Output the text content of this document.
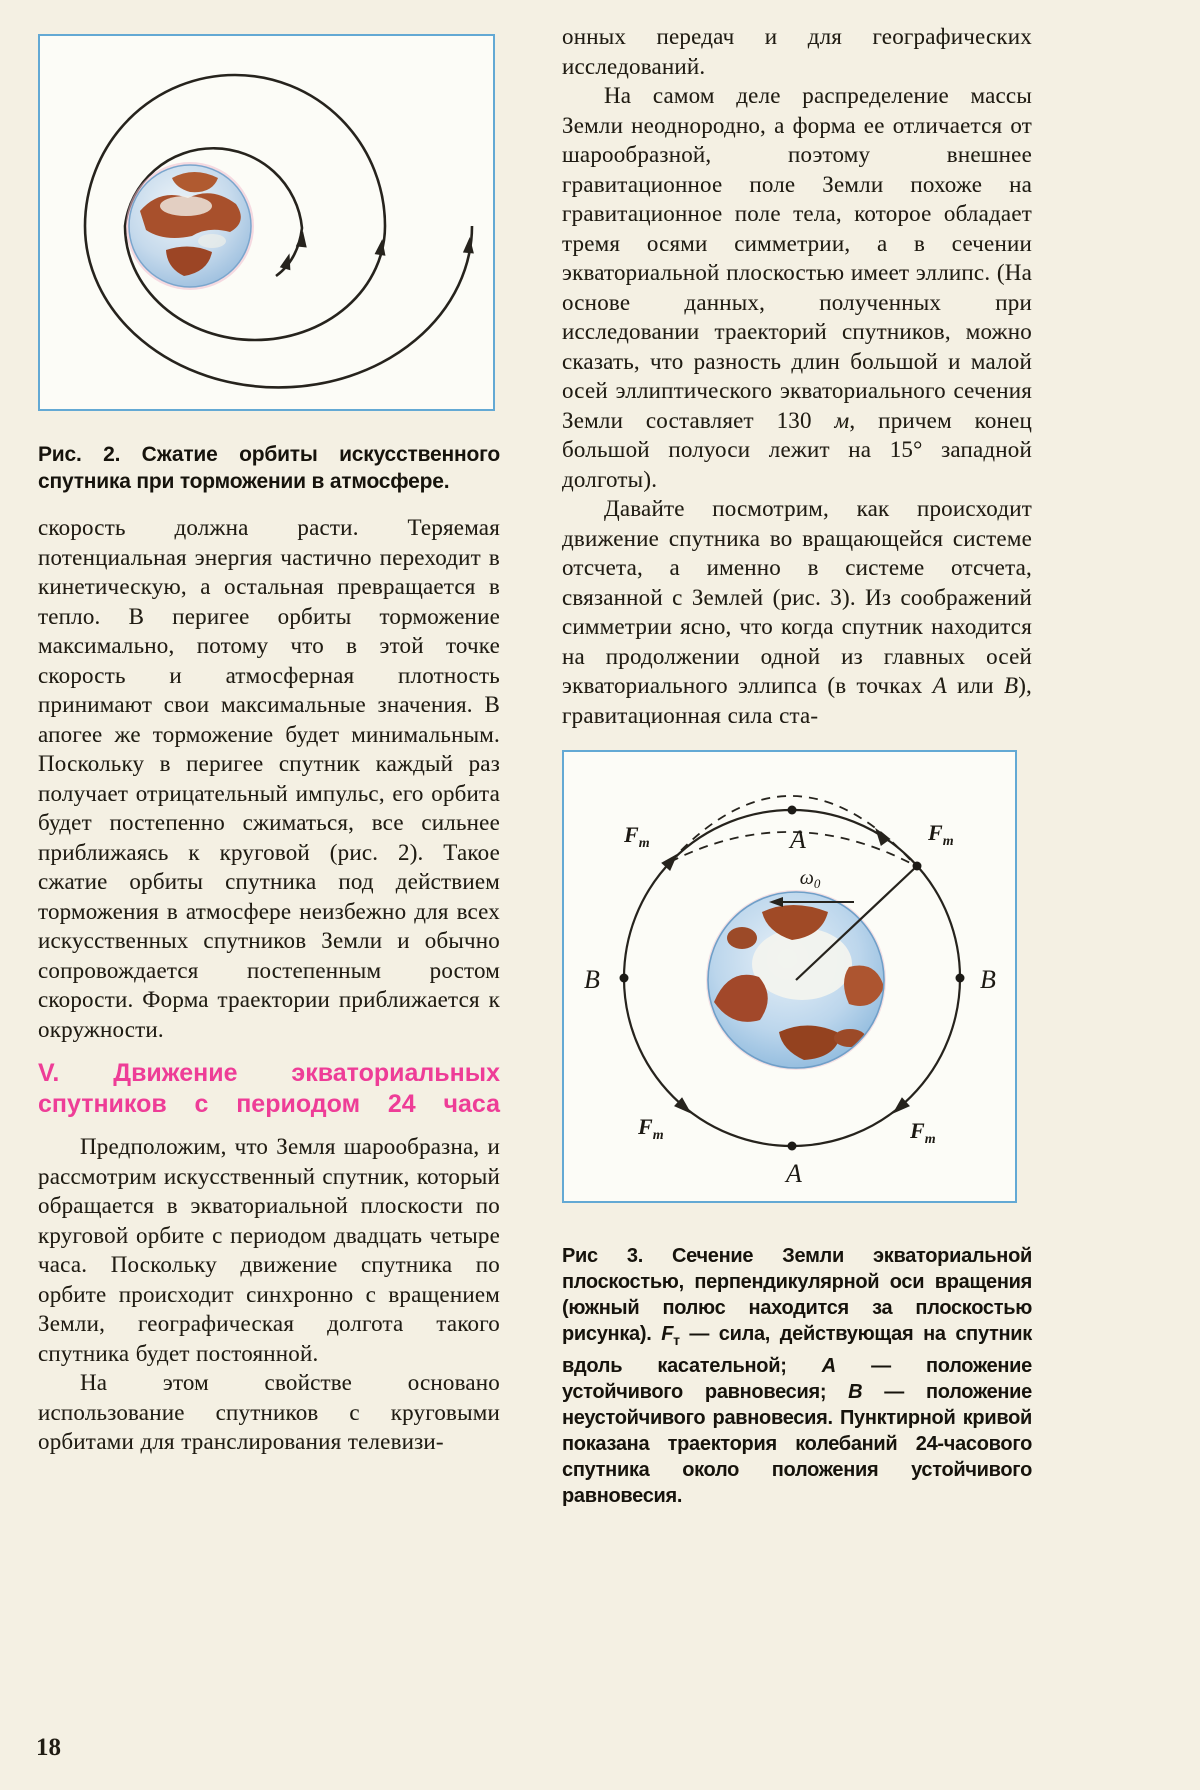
Рис. 2. Сжатие орбиты искусственного спутника при торможении в атмосфере.

скорость должна расти. Теряемая потенциальная энергия частично переходит в кинетическую, а остальная превращается в тепло. В перигее орбиты торможение максимально, потому что в этой точке скорость и атмосферная плотность принимают свои максимальные значения. В апогее же торможение будет минимальным. Поскольку в перигее спутник каждый раз получает отрицательный импульс, его орбита будет постепенно сжиматься, все сильнее приближаясь к круговой (рис. 2). Такое сжатие орбиты спутника под действием торможения в атмосфере неизбежно для всех искусственных спутников Земли и обычно сопровождается постепенным ростом скорости. Форма траектории приближается к окружности.

V. Движение экваториальных спутников с периодом 24 часа

Предположим, что Земля шарообразна, и рассмотрим искусственный спутник, который обращается в экваториальной плоскости по круговой орбите с периодом двадцать четыре часа. Поскольку движение спутника по орбите происходит синхронно с вращением Земли, географическая долгота такого спутника будет постоянной.

На этом свойстве основано использование спутников с круговыми орбитами для транслирования телевизи-

онных передач и для географических исследований.

На самом деле распределение массы Земли неоднородно, а форма ее отличается от шарообразной, поэтому внешнее гравитационное поле Земли похоже на гравитационное поле тела, которое обладает тремя осями симметрии, а в сечении экваториальной плоскостью имеет эллипс. (На основе данных, полученных при исследовании траекторий спутников, можно сказать, что разность длин большой и малой осей эллиптического экваториального сечения Земли составляет 130 м, причем конец большой полуоси лежит на 15° западной долготы).

Давайте посмотрим, как происходит движение спутника во вращающейся системе отсчета, а именно в системе отсчета, связанной с Землей (рис. 3). Из соображений симметрии ясно, что когда спутник находится на продолжении одной из главных осей экваториального эллипса (в точках A или B), гравитационная сила ста-

$\omega_0$
A
A
B	B
$F_т$	$F_т$
$F_т$	$F_т$

Рис 3. Сечение Земли экваториальной плоскостью, перпендикулярной оси вращения (южный полюс находится за плоскостью рисунка). $F_т$ — сила, действующая на спутник вдоль касательной; A — положение устойчивого равновесия; B — положение неустойчивого равновесия. Пунктирной кривой показана траектория колебаний 24-часового спутника около положения устойчивого равновесия.

18
